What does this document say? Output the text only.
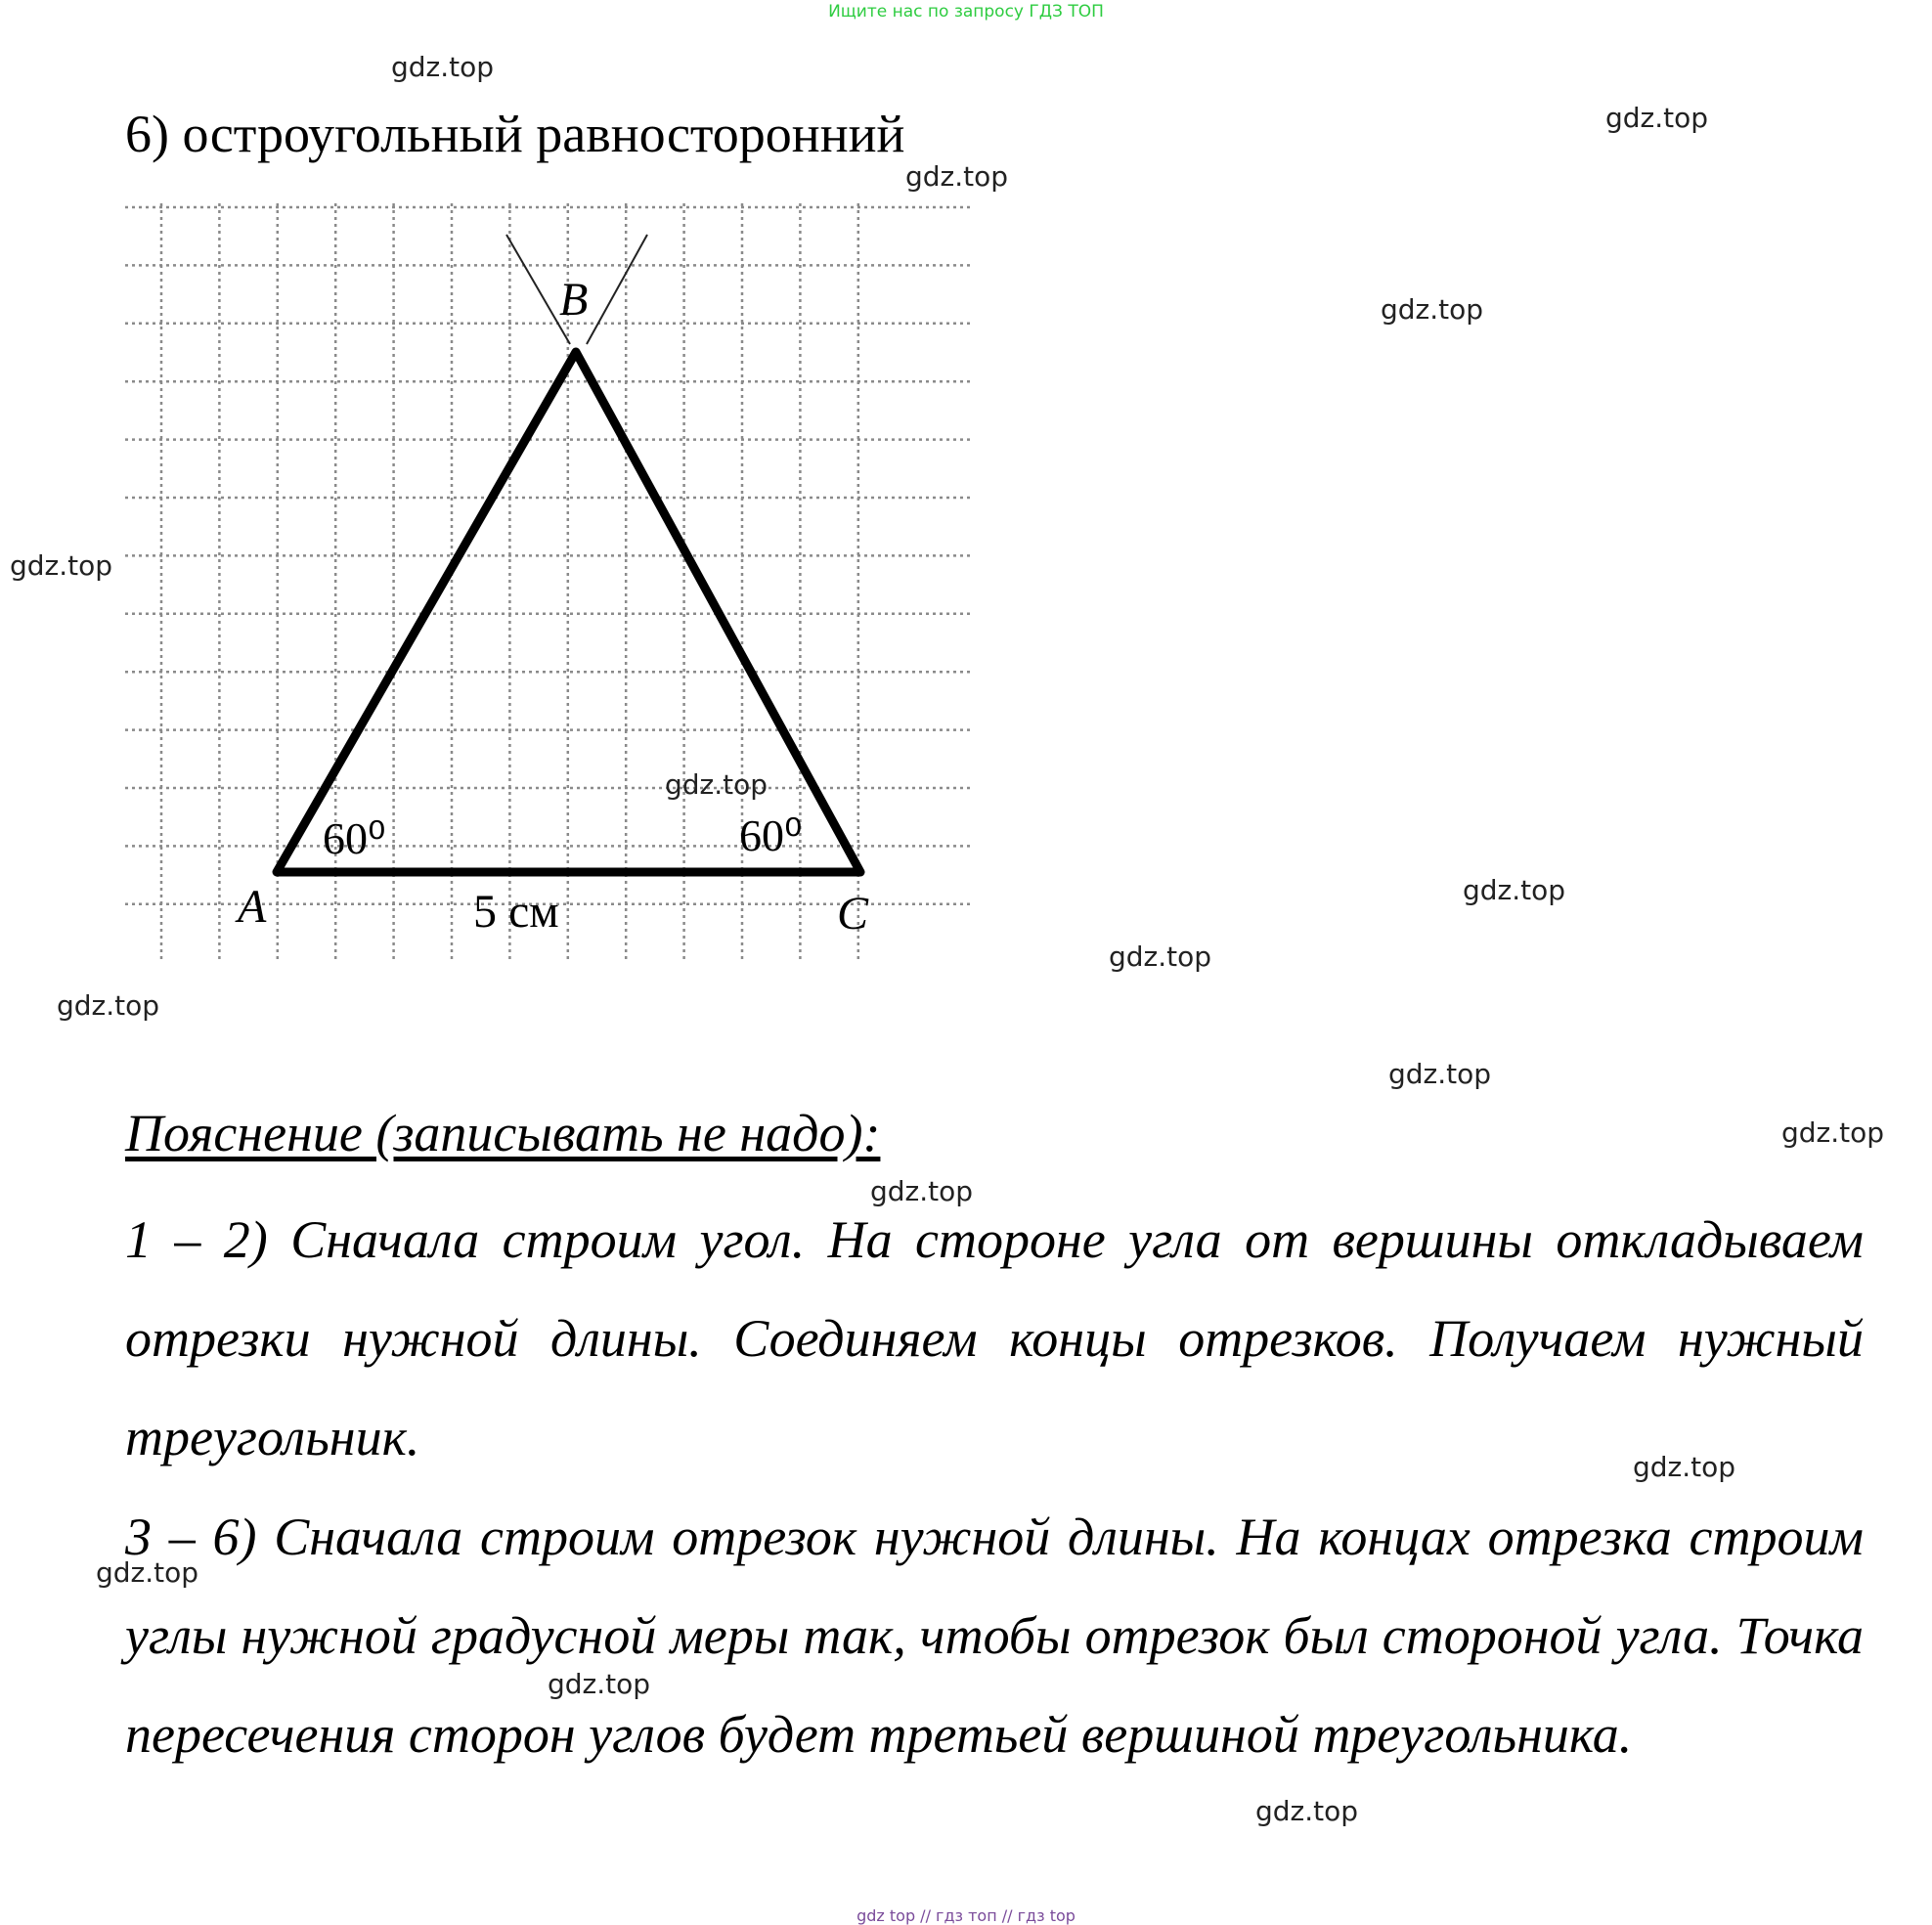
Ищите нас по запросу ГДЗ ТОП
6) остроугольный равносторонний
B
A	C
60⁰	60⁰
5 см
Пояснение (записывать не надо):
1 – 2) Сначала строим угол. На стороне угла от вершины откладываем отрезки нужной длины. Соединяем концы отрезков. Получаем нужный треугольник.
3 – 6) Сначала строим отрезок нужной длины. На концах отрезка строим углы нужной градусной меры так, чтобы отрезок был стороной угла. Точка пересечения сторон углов будет третьей вершиной треугольника.
gdz.top
gdz.top
gdz.top
gdz.top
gdz.top
gdz.top
gdz.top
gdz.top
gdz.top
gdz.top
gdz.top
gdz.top
gdz.top
gdz.top
gdz.top
gdz.top
gdz top // гдз топ // гдз top
